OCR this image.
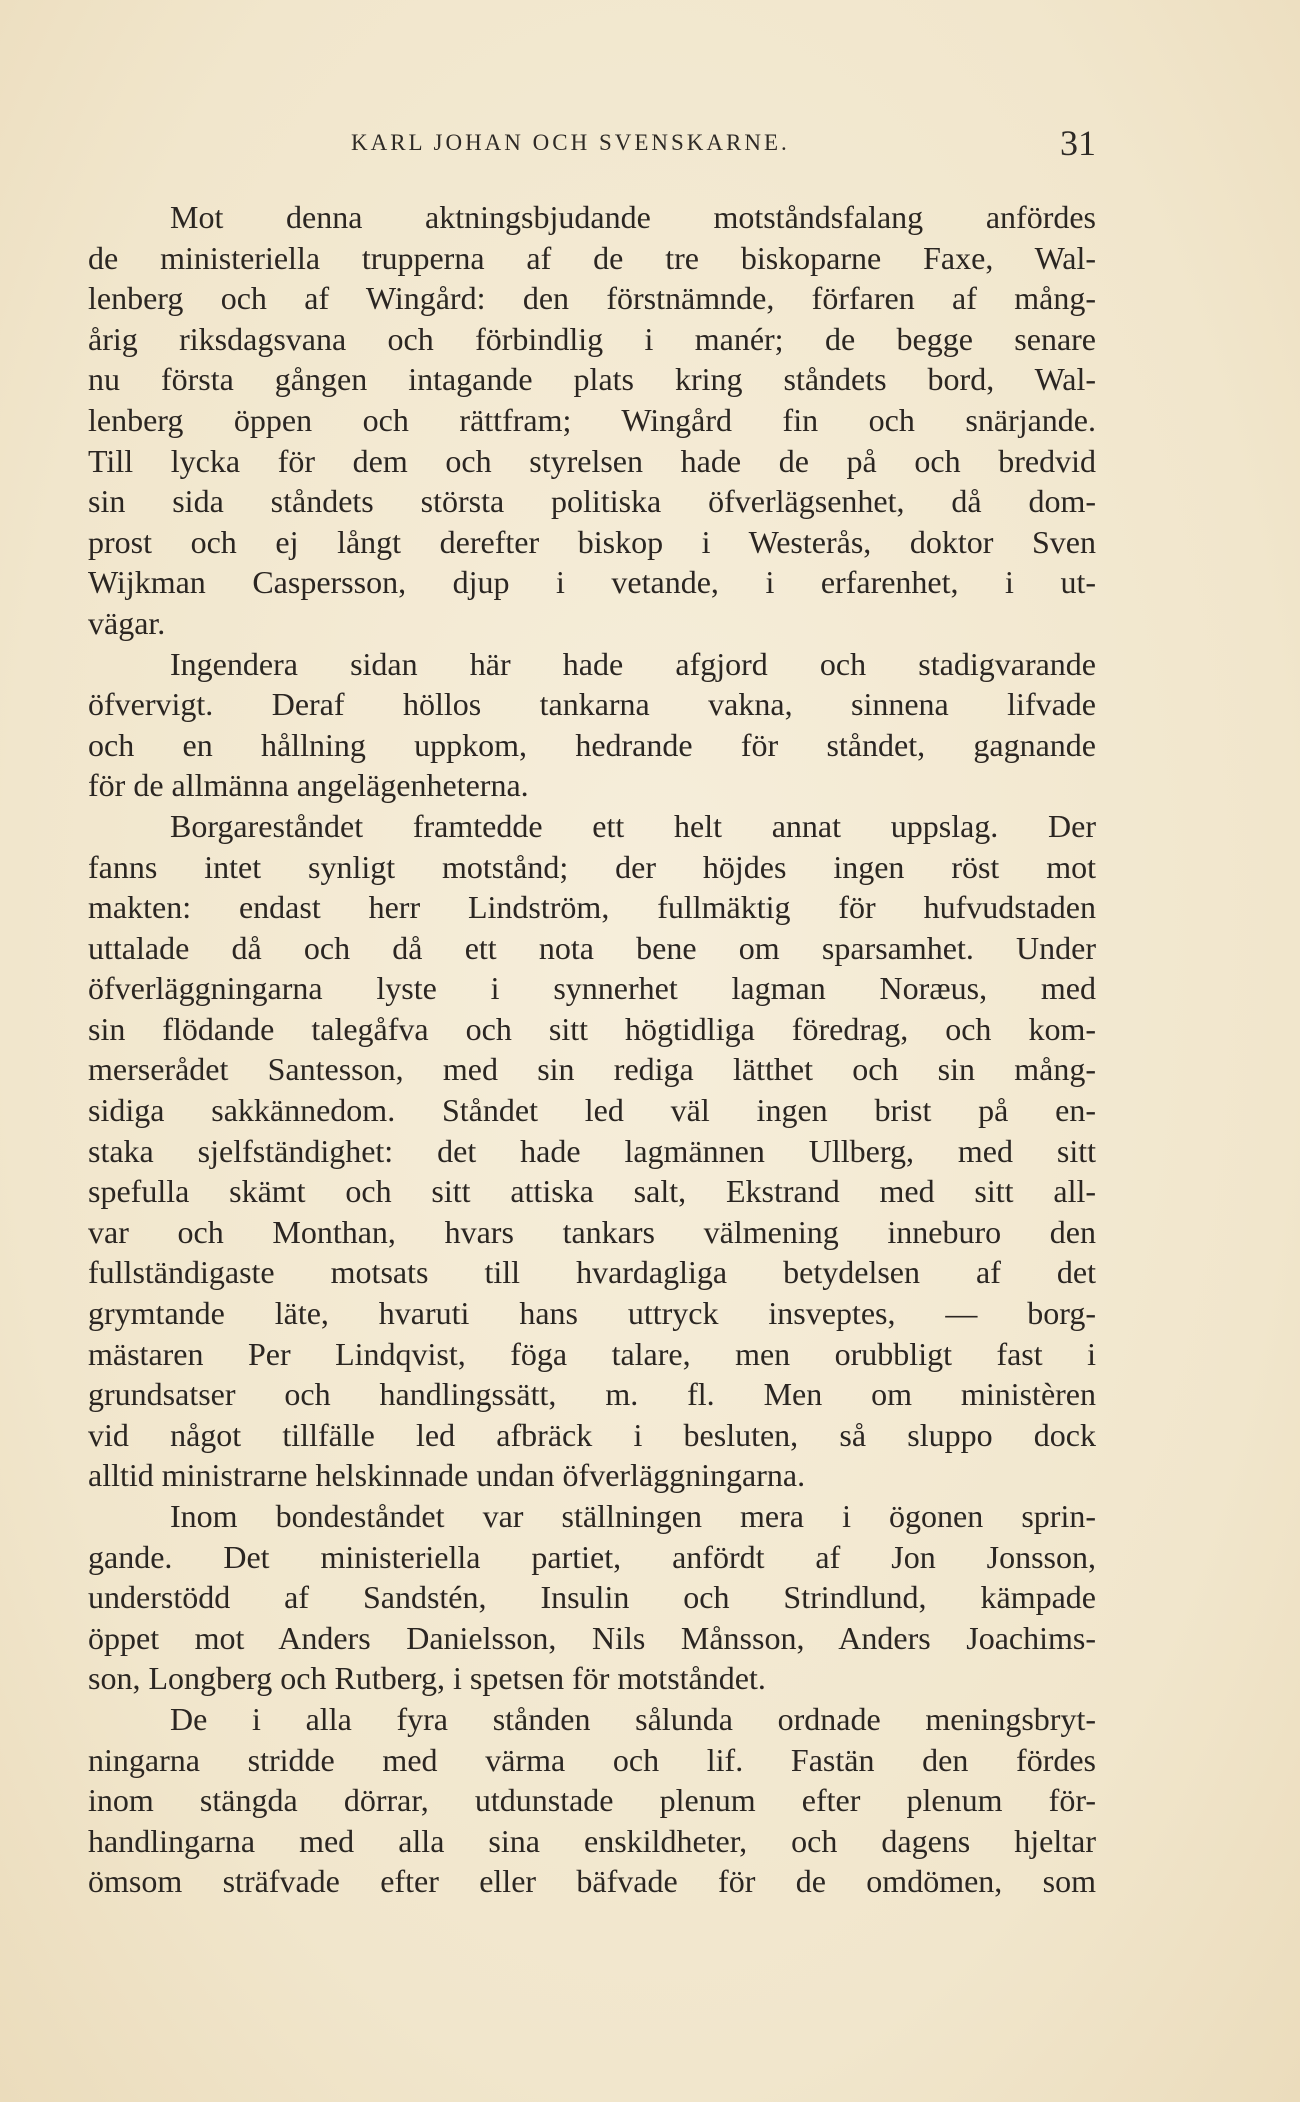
KARL JOHAN OCH SVENSKARNE.	31
Mot denna aktningsbjudande motståndsfalang anfördes
de ministeriella trupperna af de tre biskoparne Faxe, Wal-
lenberg och af Wingård: den förstnämnde, förfaren af mång-
årig riksdagsvana och förbindlig i manér; de begge senare
nu första gången intagande plats kring ståndets bord, Wal-
lenberg öppen och rättfram; Wingård fin och snärjande.
Till lycka för dem och styrelsen hade de på och bredvid
sin sida ståndets största politiska öfverlägsenhet, då dom-
prost och ej långt derefter biskop i Westerås, doktor Sven
Wijkman Caspersson, djup i vetande, i erfarenhet, i ut-
vägar.
Ingendera sidan här hade afgjord och stadigvarande
öfvervigt. Deraf höllos tankarna vakna, sinnena lifvade
och en hållning uppkom, hedrande för ståndet, gagnande
för de allmänna angelägenheterna.
Borgareståndet framtedde ett helt annat uppslag. Der
fanns intet synligt motstånd; der höjdes ingen röst mot
makten: endast herr Lindström, fullmäktig för hufvudstaden
uttalade då och då ett nota bene om sparsamhet. Under
öfverläggningarna lyste i synnerhet lagman Noræus, med
sin flödande talegåfva och sitt högtidliga föredrag, och kom-
merserådet Santesson, med sin rediga lätthet och sin mång-
sidiga sakkännedom. Ståndet led väl ingen brist på en-
staka sjelfständighet: det hade lagmännen Ullberg, med sitt
spefulla skämt och sitt attiska salt, Ekstrand med sitt all-
var och Monthan, hvars tankars välmening inneburo den
fullständigaste motsats till hvardagliga betydelsen af det
grymtande läte, hvaruti hans uttryck insveptes, — borg-
mästaren Per Lindqvist, föga talare, men orubbligt fast i
grundsatser och handlingssätt, m. fl. Men om ministèren
vid något tillfälle led afbräck i besluten, så sluppo dock
alltid ministrarne helskinnade undan öfverläggningarna.
Inom bondeståndet var ställningen mera i ögonen sprin-
gande. Det ministeriella partiet, anfördt af Jon Jonsson,
understödd af Sandstén, Insulin och Strindlund, kämpade
öppet mot Anders Danielsson, Nils Månsson, Anders Joachims-
son, Longberg och Rutberg, i spetsen för motståndet.
De i alla fyra stånden sålunda ordnade meningsbryt-
ningarna stridde med värma och lif. Fastän den fördes
inom stängda dörrar, utdunstade plenum efter plenum för-
handlingarna med alla sina enskildheter, och dagens hjeltar
ömsom sträfvade efter eller bäfvade för de omdömen, som
